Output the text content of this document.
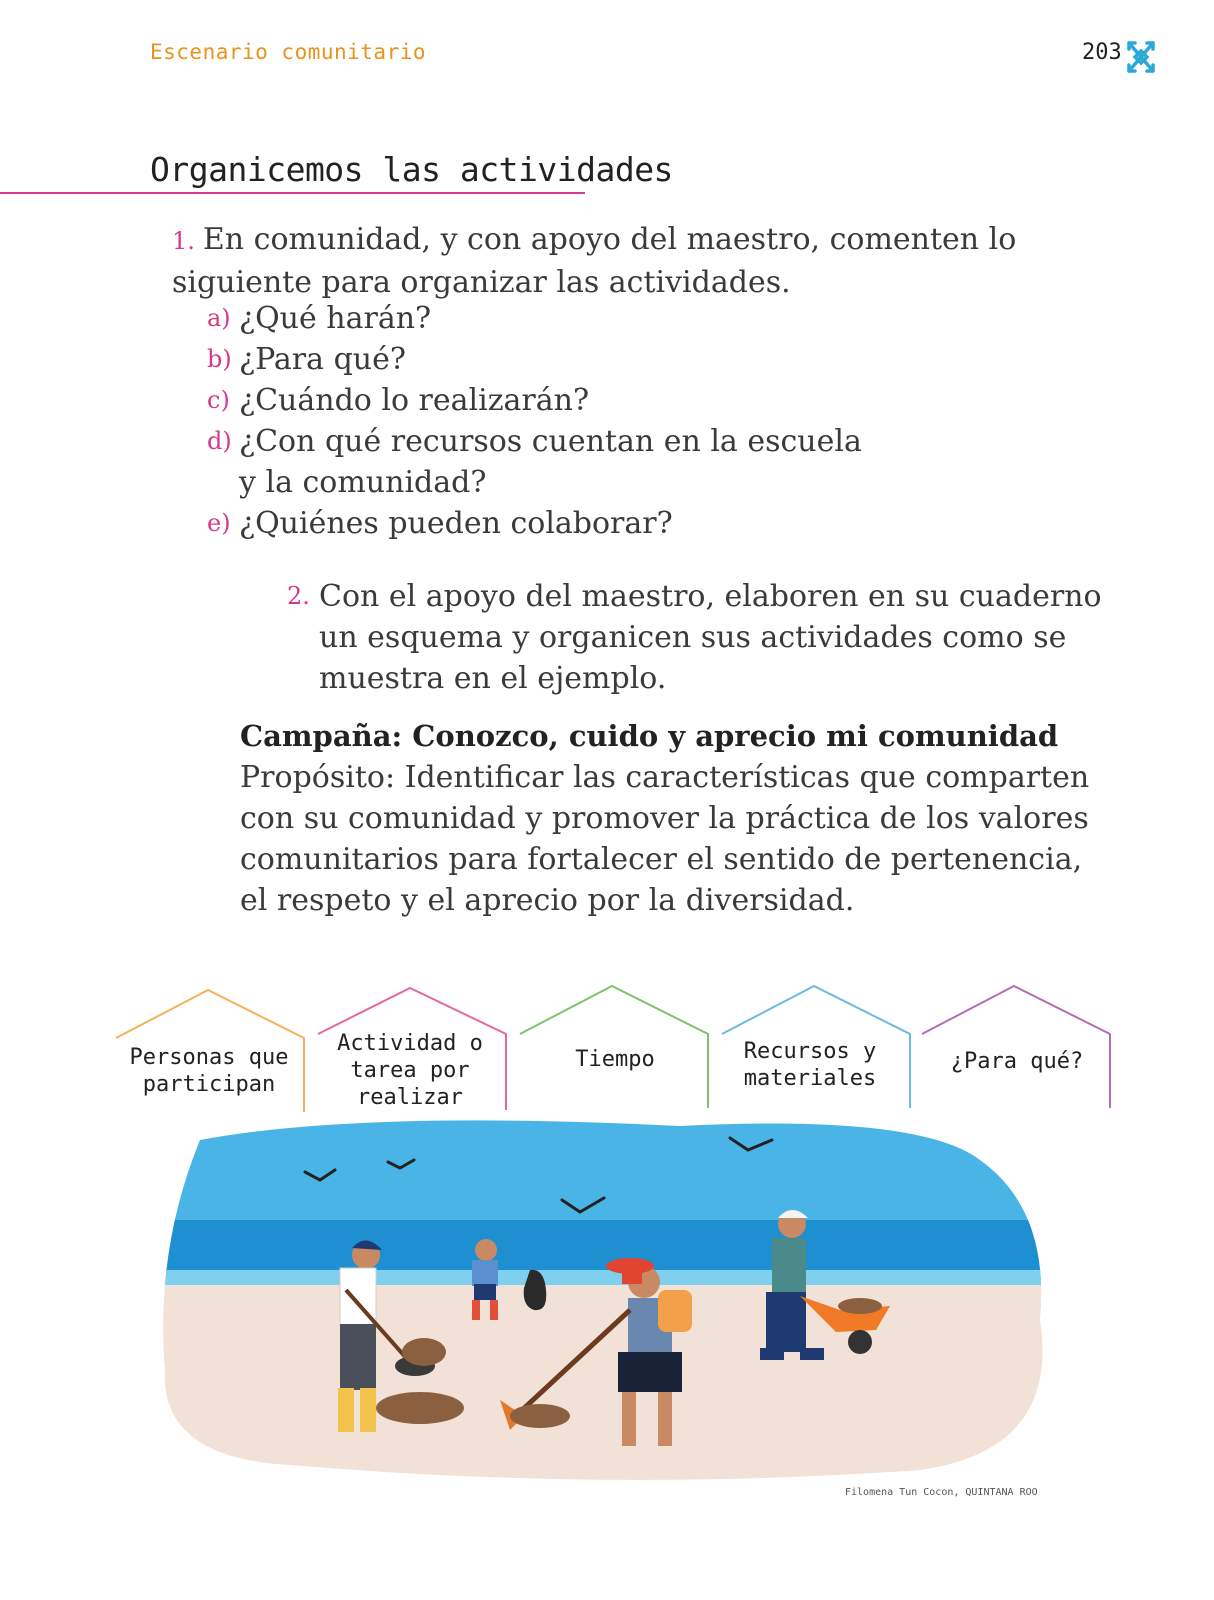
Escenario comunitario	203
Organicemos las actividades
1. En comunidad, y con apoyo del maestro, comenten lo siguiente para organizar las actividades.
a) ¿Qué harán?
b) ¿Para qué?
c) ¿Cuándo lo realizarán?
d) ¿Con qué recursos cuentan en la escuela y la comunidad?
e) ¿Quiénes pueden colaborar?
2. Con el apoyo del maestro, elaboren en su cuaderno un esquema y organicen sus actividades como se muestra en el ejemplo.
Campaña: Conozco, cuido y aprecio mi comunidad
Propósito: Identificar las características que comparten con su comunidad y promover la práctica de los valores comunitarios para fortalecer el sentido de pertenencia, el respeto y el aprecio por la diversidad.
Personas que participan
Actividad o tarea por realizar
Tiempo	Recursos y materiales
¿Para qué?
Filomena Tun Cocon, QUINTANA ROO
